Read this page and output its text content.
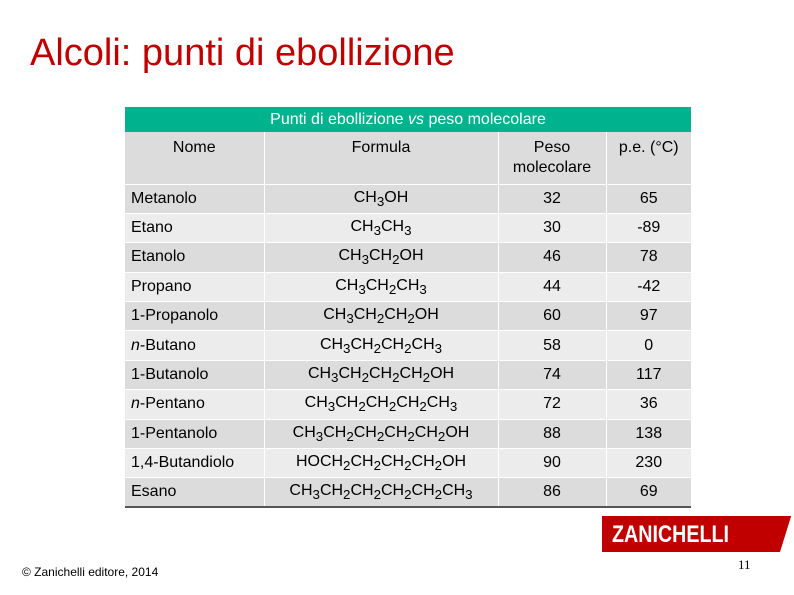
Alcoli: punti di ebollizione
Punti di ebollizione vs peso molecolare
Nome	Formula	Peso molecolare	p.e. (°C)
Metanolo	$CH_3OH$	32	65
Etano	$CH_3CH_3$	30	-89
Etanolo	$CH_3CH_2OH$	46	78
Propano	$CH_3CH_2CH_3$	44	-42
1-Propanolo	$CH_3CH_2CH_2OH$	60	97
n-Butano	$CH_3CH_2CH_2CH_3$	58	0
1-Butanolo	$CH_3CH_2CH_2CH_2OH$	74	117
n-Pentano	$CH_3CH_2CH_2CH_2CH_3$	72	36
1-Pentanolo	$CH_3CH_2CH_2CH_2CH_2OH$	88	138
1,4-Butandiolo	$HOCH_2CH_2CH_2CH_2OH$	90	230
Esano	$CH_3CH_2CH_2CH_2CH_2CH_3$	86	69
ZANICHELLI
© Zanichelli editore, 2014	11
